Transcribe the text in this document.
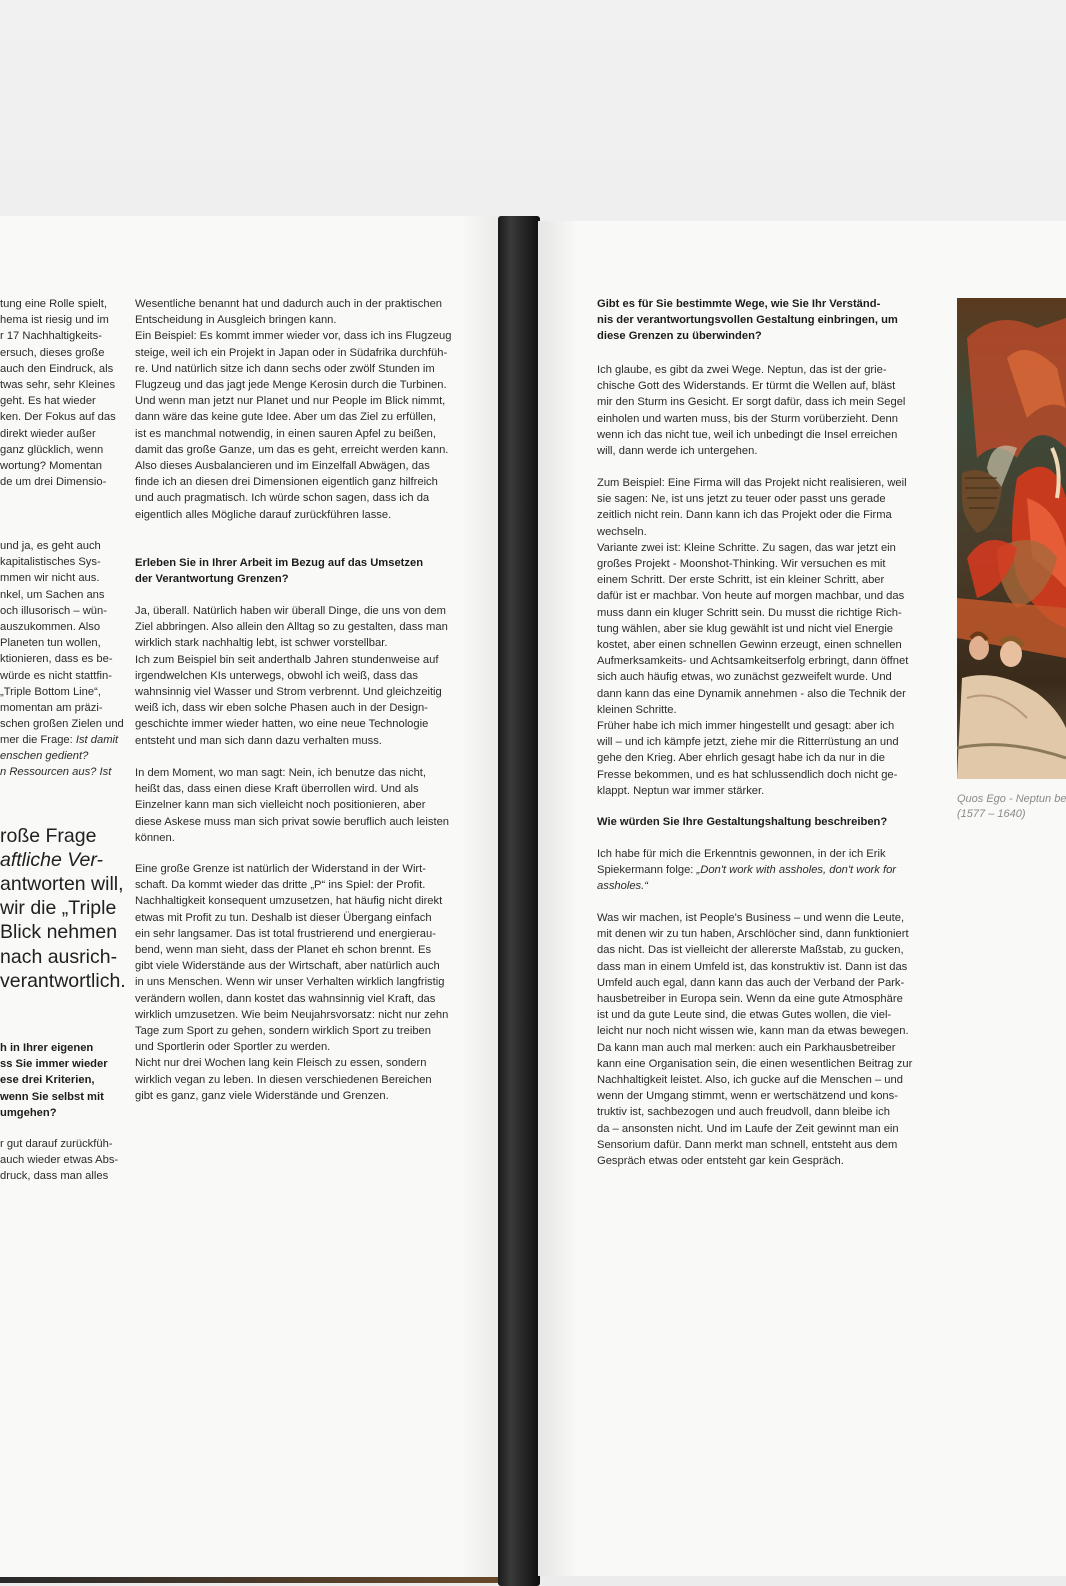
tung eine Rolle spielt,
hema ist riesig und im
r 17 Nachhaltigkeits-
ersuch, dieses große
auch den Eindruck, als
twas sehr, sehr Kleines
geht. Es hat wieder
ken. Der Fokus auf das
direkt wieder außer
ganz glücklich, wenn
wortung? Momentan
de um drei Dimensio-
und ja, es geht auch
kapitalistisches Sys-
mmen wir nicht aus.
nkel, um Sachen ans
och illusorisch – wün-
auszukommen. Also
Planeten tun wollen,
ktionieren, dass es be-
würde es nicht stattfin-
„Triple Bottom Line“,
momentan am präzi-
schen großen Zielen und
mer die Frage: Ist damit
enschen gedient?
n Ressourcen aus? Ist
roße Frage
aftliche Ver-
antworten will,
wir die „Triple
Blick nehmen
nach ausrich-
verantwortlich.
h in Ihrer eigenen
ss Sie immer wieder
ese drei Kriterien,
wenn Sie selbst mit
umgehen?
r gut darauf zurückfüh-
auch wieder etwas Abs-
druck, dass man alles
Wesentliche benannt hat und dadurch auch in der praktischen
Entscheidung in Ausgleich bringen kann.
Ein Beispiel: Es kommt immer wieder vor, dass ich ins Flugzeug
steige, weil ich ein Projekt in Japan oder in Südafrika durchfüh-
re. Und natürlich sitze ich dann sechs oder zwölf Stunden im
Flugzeug und das jagt jede Menge Kerosin durch die Turbinen.
Und wenn man jetzt nur Planet und nur People im Blick nimmt,
dann wäre das keine gute Idee. Aber um das Ziel zu erfüllen,
ist es manchmal notwendig, in einen sauren Apfel zu beißen,
damit das große Ganze, um das es geht, erreicht werden kann.
Also dieses Ausbalancieren und im Einzelfall Abwägen, das
finde ich an diesen drei Dimensionen eigentlich ganz hilfreich
und auch pragmatisch. Ich würde schon sagen, dass ich da
eigentlich alles Mögliche darauf zurückführen lasse.
Erleben Sie in Ihrer Arbeit im Bezug auf das Umsetzen
der Verantwortung Grenzen?
Ja, überall. Natürlich haben wir überall Dinge, die uns von dem
Ziel abbringen. Also allein den Alltag so zu gestalten, dass man
wirklich stark nachhaltig lebt, ist schwer vorstellbar.
Ich zum Beispiel bin seit anderthalb Jahren stundenweise auf
irgendwelchen KIs unterwegs, obwohl ich weiß, dass das
wahnsinnig viel Wasser und Strom verbrennt. Und gleichzeitig
weiß ich, dass wir eben solche Phasen auch in der Design-
geschichte immer wieder hatten, wo eine neue Technologie
entsteht und man sich dann dazu verhalten muss.
In dem Moment, wo man sagt: Nein, ich benutze das nicht,
heißt das, dass einen diese Kraft überrollen wird. Und als
Einzelner kann man sich vielleicht noch positionieren, aber
diese Askese muss man sich privat sowie beruflich auch leisten
können.
Eine große Grenze ist natürlich der Widerstand in der Wirt-
schaft. Da kommt wieder das dritte „P“ ins Spiel: der Profit.
Nachhaltigkeit konsequent umzusetzen, hat häufig nicht direkt
etwas mit Profit zu tun. Deshalb ist dieser Übergang einfach
ein sehr langsamer. Das ist total frustrierend und energierau-
bend, wenn man sieht, dass der Planet eh schon brennt. Es
gibt viele Widerstände aus der Wirtschaft, aber natürlich auch
in uns Menschen. Wenn wir unser Verhalten wirklich langfristig
verändern wollen, dann kostet das wahnsinnig viel Kraft, das
wirklich umzusetzen. Wie beim Neujahrsvorsatz: nicht nur zehn
Tage zum Sport zu gehen, sondern wirklich Sport zu treiben
und Sportlerin oder Sportler zu werden.
Nicht nur drei Wochen lang kein Fleisch zu essen, sondern
wirklich vegan zu leben. In diesen verschiedenen Bereichen
gibt es ganz, ganz viele Widerstände und Grenzen.
Gibt es für Sie bestimmte Wege, wie Sie Ihr Verständ-
nis der verantwortungsvollen Gestaltung einbringen, um
diese Grenzen zu überwinden?
Ich glaube, es gibt da zwei Wege. Neptun, das ist der grie-
chische Gott des Widerstands. Er türmt die Wellen auf, bläst
mir den Sturm ins Gesicht. Er sorgt dafür, dass ich mein Segel
einholen und warten muss, bis der Sturm vorüberzieht. Denn
wenn ich das nicht tue, weil ich unbedingt die Insel erreichen
will, dann werde ich untergehen.
Zum Beispiel: Eine Firma will das Projekt nicht realisieren, weil
sie sagen: Ne, ist uns jetzt zu teuer oder passt uns gerade
zeitlich nicht rein. Dann kann ich das Projekt oder die Firma
wechseln.
Variante zwei ist: Kleine Schritte. Zu sagen, das war jetzt ein
großes Projekt - Moonshot-Thinking. Wir versuchen es mit
einem Schritt. Der erste Schritt, ist ein kleiner Schritt, aber
dafür ist er machbar. Von heute auf morgen machbar, und das
muss dann ein kluger Schritt sein. Du musst die richtige Rich-
tung wählen, aber sie klug gewählt ist und nicht viel Energie
kostet, aber einen schnellen Gewinn erzeugt, einen schnellen
Aufmerksamkeits- und Achtsamkeitserfolg erbringt, dann öffnet
sich auch häufig etwas, wo zunächst gezweifelt wurde. Und
dann kann das eine Dynamik annehmen - also die Technik der
kleinen Schritte.
Früher habe ich mich immer hingestellt und gesagt: aber ich
will – und ich kämpfe jetzt, ziehe mir die Ritterrüstung an und
gehe den Krieg. Aber ehrlich gesagt habe ich da nur in die
Fresse bekommen, und es hat schlussendlich doch nicht ge-
klappt. Neptun war immer stärker.
Wie würden Sie Ihre Gestaltungshaltung beschreiben?
Ich habe für mich die Erkenntnis gewonnen, in der ich Erik
Spiekermann folge: „Don't work with assholes, don't work for
assholes.“
Was wir machen, ist People's Business – und wenn die Leute,
mit denen wir zu tun haben, Arschlöcher sind, dann funktioniert
das nicht. Das ist vielleicht der allererste Maßstab, zu gucken,
dass man in einem Umfeld ist, das konstruktiv ist. Dann ist das
Umfeld auch egal, dann kann das auch der Verband der Park-
hausbetreiber in Europa sein. Wenn da eine gute Atmosphäre
ist und da gute Leute sind, die etwas Gutes wollen, die viel-
leicht nur noch nicht wissen wie, kann man da etwas bewegen.
Da kann man auch mal merken: auch ein Parkhausbetreiber
kann eine Organisation sein, die einen wesentlichen Beitrag zur
Nachhaltigkeit leistet. Also, ich gucke auf die Menschen – und
wenn der Umgang stimmt, wenn er wertschätzend und kons-
truktiv ist, sachbezogen und auch freudvoll, dann bleibe ich
da – ansonsten nicht. Und im Laufe der Zeit gewinnt man ein
Sensorium dafür. Dann merkt man schnell, entsteht aus dem
Gespräch etwas oder entsteht gar kein Gespräch.
Quos Ego - Neptun be
(1577 – 1640)
